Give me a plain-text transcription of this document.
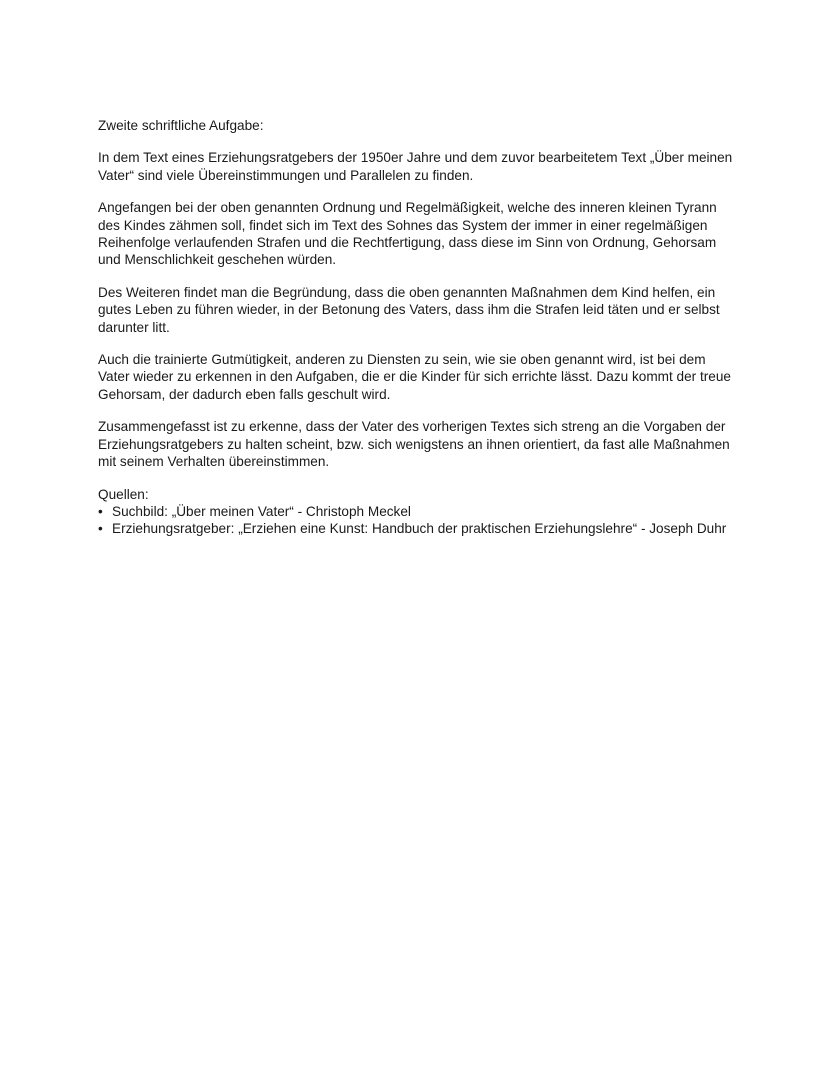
Zweite schriftliche Aufgabe:

In dem Text eines Erziehungsratgebers der 1950er Jahre und dem zuvor bearbeitetem Text „Über meinen Vater“ sind viele Übereinstimmungen und Parallelen zu finden.

Angefangen bei der oben genannten Ordnung und Regelmäßigkeit, welche des inneren kleinen Tyrann des Kindes zähmen soll, findet sich im Text des Sohnes das System der immer in einer regelmäßigen Reihenfolge verlaufenden Strafen und die Rechtfertigung, dass diese im Sinn von Ordnung, Gehorsam und Menschlichkeit geschehen würden.

Des Weiteren findet man die Begründung, dass die oben genannten Maßnahmen dem Kind helfen, ein gutes Leben zu führen wieder, in der Betonung des Vaters, dass ihm die Strafen leid täten und er selbst darunter litt.

Auch die trainierte Gutmütigkeit, anderen zu Diensten zu sein, wie sie oben genannt wird, ist bei dem Vater wieder zu erkennen in den Aufgaben, die er die Kinder für sich errichte lässt. Dazu kommt der treue Gehorsam, der dadurch eben falls geschult wird.

Zusammengefasst ist zu erkenne, dass der Vater des vorherigen Textes sich streng an die Vorgaben der Erziehungsratgebers zu halten scheint, bzw. sich wenigstens an ihnen orientiert, da fast alle Maßnahmen mit seinem Verhalten übereinstimmen.

Quellen:

• Suchbild: „Über meinen Vater“ - Christoph Meckel
• Erziehungsratgeber: „Erziehen eine Kunst: Handbuch der praktischen Erziehungslehre“ - Joseph Duhr
